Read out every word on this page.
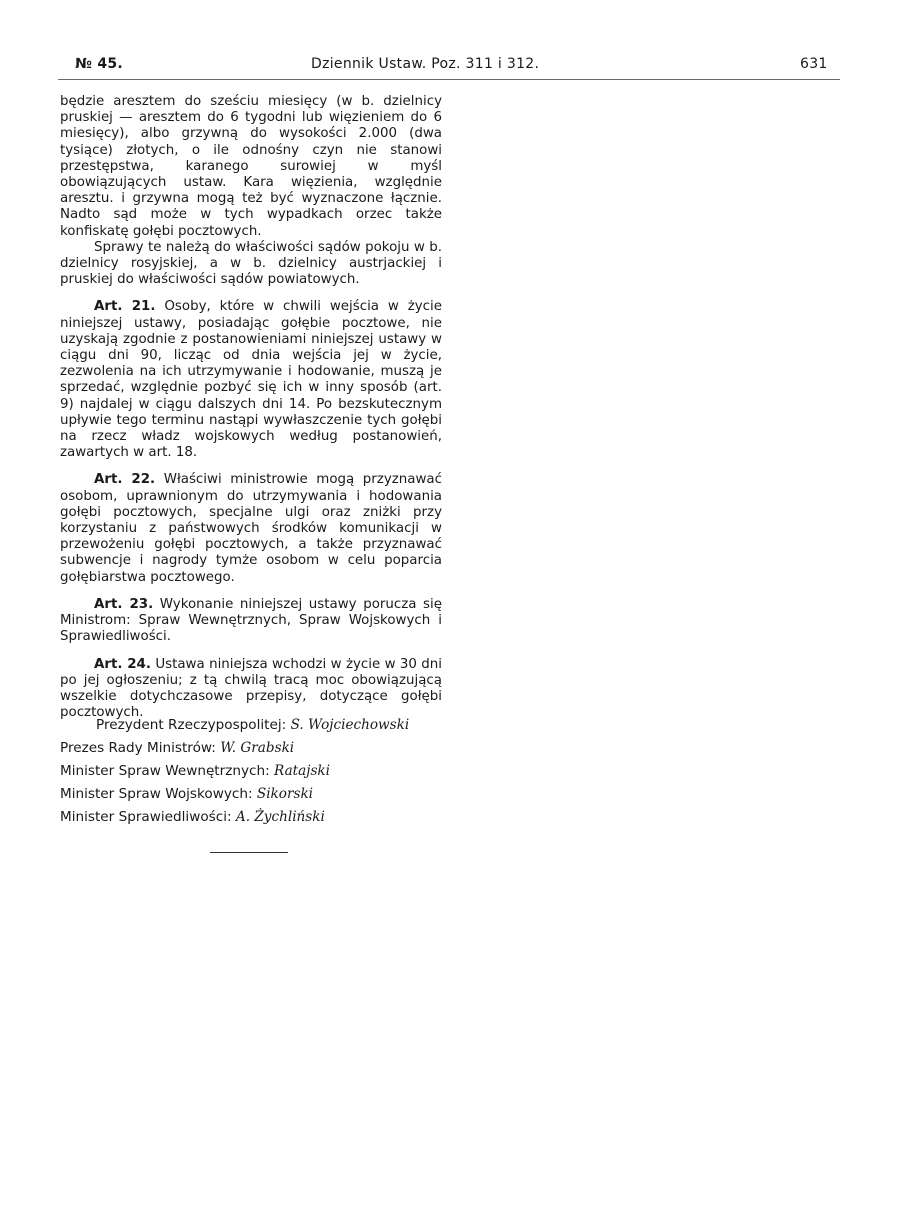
№ 45.	Dziennik Ustaw. Poz. 311 i 312.	631

będzie aresztem do sześciu miesięcy (w b. dzielnicy pruskiej — aresztem do 6 tygodni lub więzieniem do 6 miesięcy), albo grzywną do wysokości 2.000 (dwa tysiące) złotych, o ile odnośny czyn nie stanowi przestępstwa, karanego surowiej w myśl obowiązujących ustaw. Kara więzienia, względnie aresztu. i grzywna mogą też być wyznaczone łącznie. Nadto sąd może w tych wypadkach orzec także konfiskatę gołębi pocztowych.

Sprawy te należą do właściwości sądów pokoju w b. dzielnicy rosyjskiej, a w b. dzielnicy austrjackiej i pruskiej do właściwości sądów powiatowych.

Art. 21. Osoby, które w chwili wejścia w życie niniejszej ustawy, posiadając gołębie pocztowe, nie uzyskają zgodnie z postanowieniami niniejszej ustawy w ciągu dni 90, licząc od dnia wejścia jej w życie, zezwolenia na ich utrzymywanie i hodowanie, muszą je sprzedać, względnie pozbyć się ich w inny sposób (art. 9) najdalej w ciągu dalszych dni 14. Po bezskutecznym upływie tego terminu nastąpi wywłaszczenie tych gołębi na rzecz władz wojskowych według postanowień, zawartych w art. 18.

Art. 22. Właściwi ministrowie mogą przyznawać osobom, uprawnionym do utrzymywania i hodowania gołębi pocztowych, specjalne ulgi oraz zniżki przy korzystaniu z państwowych środków komunikacji w przewożeniu gołębi pocztowych, a także przyznawać subwencje i nagrody tymże osobom w celu poparcia gołębiarstwa pocztowego.

Art. 23. Wykonanie niniejszej ustawy porucza się Ministrom: Spraw Wewnętrznych, Spraw Wojskowych i Sprawiedliwości.

Art. 24. Ustawa niniejsza wchodzi w życie w 30 dni po jej ogłoszeniu; z tą chwilą tracą moc obowiązującą wszelkie dotychczasowe przepisy, dotyczące gołębi pocztowych.

Prezydent Rzeczypospolitej: S. Wojciechowski
Prezes Rady Ministrów: W. Grabski
Minister Spraw Wewnętrznych: Ratajski
Minister Spraw Wojskowych: Sikorski
Minister Sprawiedliwości: A. Żychliński
